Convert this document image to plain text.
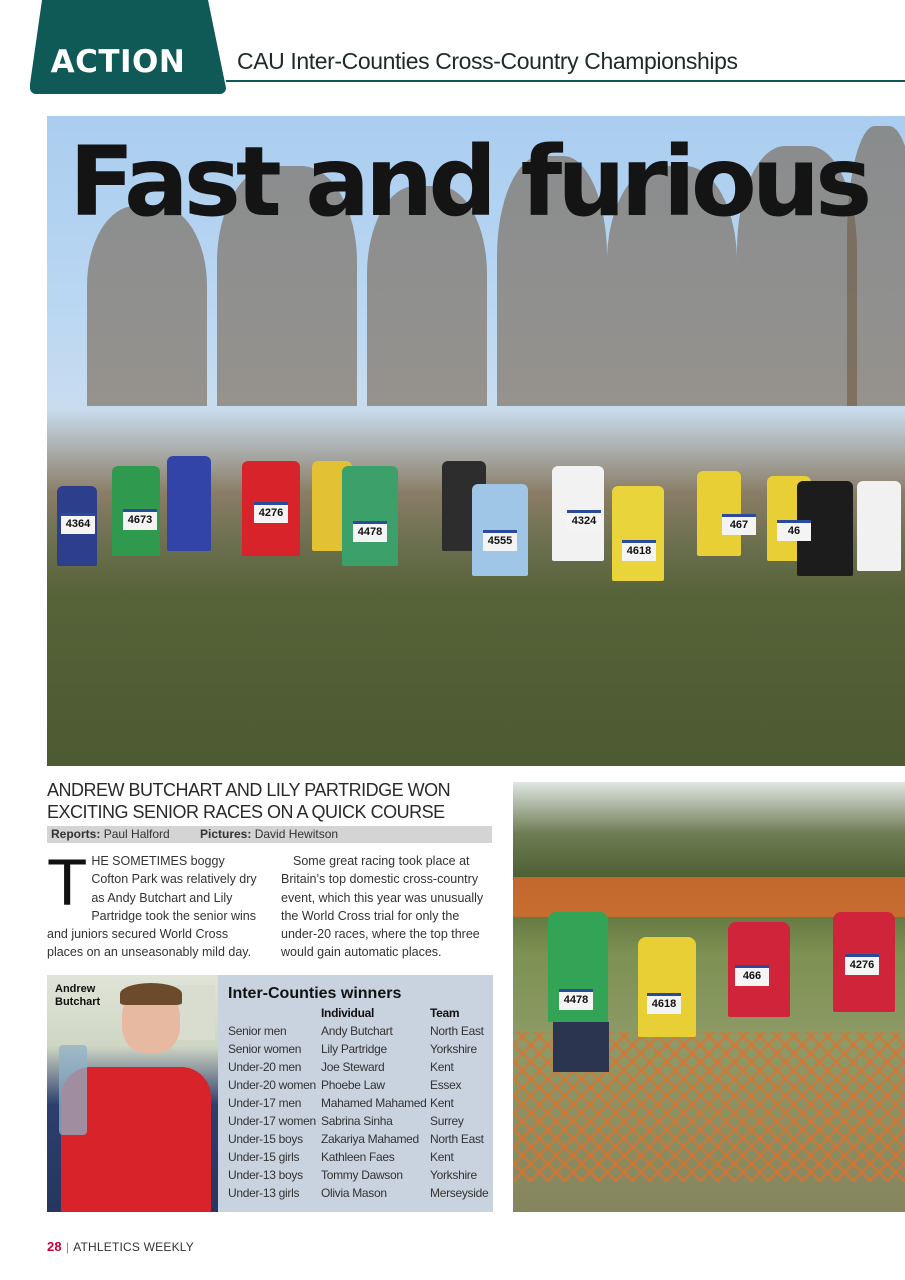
ACTION	CAU Inter-Counties Cross-Country Championships
4364	4673
4276
4478
4555
4324
4618
467	46
Fast and furious
ANDREW BUTCHART AND LILY PARTRIDGE WON EXCITING SENIOR RACES ON A QUICK COURSE
Reports: Paul Halford	Pictures: David Hewitson
THE SOMETIMES boggy Cofton Park was relatively dry as Andy Butchart and Lily Partridge took the senior wins and juniors secured World Cross places on an unseasonably mild day.
Some great racing took place at Britain’s top domestic cross-country event, which this year was unusually the World Cross trial for only the under-20 races, where the top three would gain automatic places.
Andrew
Butchart	Inter-Counties winners
	Individual	Team
Senior men	Andy Butchart	North East
Senior women	Lily Partridge	Yorkshire
Under-20 men	Joe Steward	Kent
Under-20 women	Phoebe Law	Essex
Under-17 men	Mahamed Mahamed	Kent
Under-17 women	Sabrina Sinha	Surrey
Under-15 boys	Zakariya Mahamed	North East
Under-15 girls	Kathleen Faes	Kent
Under-13 boys	Tommy Dawson	Yorkshire
Under-13 girls	Olivia Mason	Merseyside
4478	4618
466
4276
28 | ATHLETICS WEEKLY
